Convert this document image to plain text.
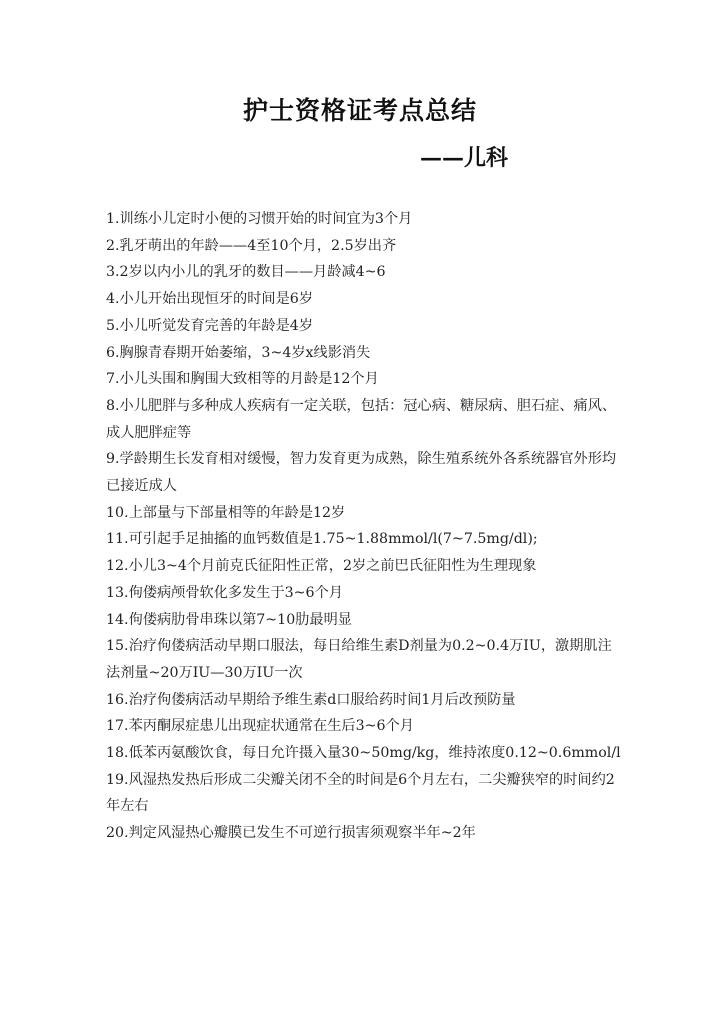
护士资格证考点总结
——儿科
1.训练小儿定时小便的习惯开始的时间宜为3个月
2.乳牙萌出的年龄——4至10个月，2.5岁出齐
3.2岁以内小儿的乳牙的数目——月龄减4~6
4.小儿开始出现恒牙的时间是6岁
5.小儿听觉发育完善的年龄是4岁
6.胸腺青春期开始萎缩，3~4岁x线影消失
7.小儿头围和胸围大致相等的月龄是12个月
8.小儿肥胖与多种成人疾病有一定关联，包括：冠心病、糖尿病、胆石症、痛风、成人肥胖症等
9.学龄期生长发育相对缓慢，智力发育更为成熟，除生殖系统外各系统器官外形均已接近成人
10.上部量与下部量相等的年龄是12岁
11.可引起手足抽搐的血钙数值是1.75~1.88mmol/l(7~7.5mg/dl);
12.小儿3~4个月前克氏征阳性正常，2岁之前巴氏征阳性为生理现象
13.佝偻病颅骨软化多发生于3~6个月
14.佝偻病肋骨串珠以第7~10肋最明显
15.治疗佝偻病活动早期口服法，每日给维生素D剂量为0.2~0.4万IU，激期肌注法剂量~20万IU—30万IU一次
16.治疗佝偻病活动早期给予维生素d口服给药时间1月后改预防量
17.苯丙酮尿症患儿出现症状通常在生后3~6个月
18.低苯丙氨酸饮食，每日允许摄入量30~50mg/kg，维持浓度0.12~0.6mmol/l
19.风湿热发热后形成二尖瓣关闭不全的时间是6个月左右，二尖瓣狭窄的时间约2年左右
20.判定风湿热心瓣膜已发生不可逆行损害须观察半年~2年
